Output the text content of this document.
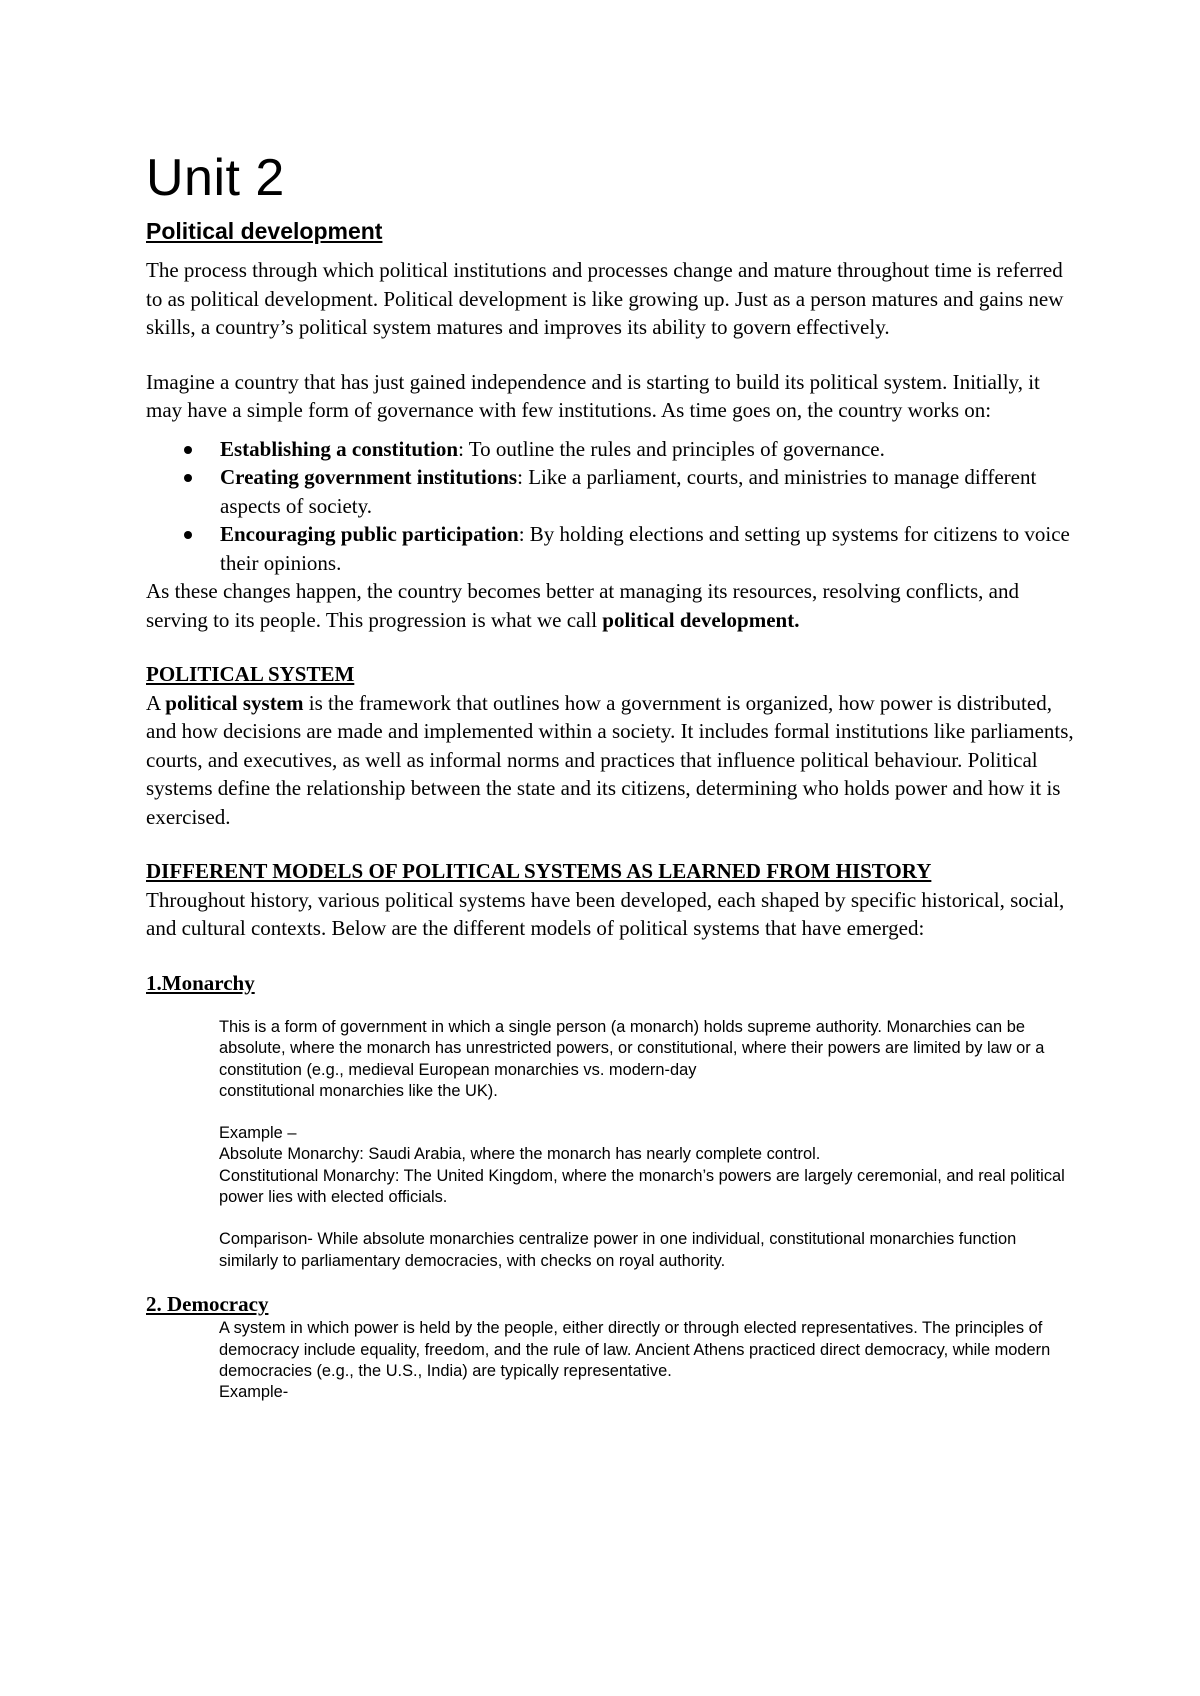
Unit 2
Political development

The process through which political institutions and processes change and mature throughout time is referred to as political development. Political development is like growing up. Just as a person matures and gains new skills, a country’s political system matures and improves its ability to govern effectively.

Imagine a country that has just gained independence and is starting to build its political system. Initially, it may have a simple form of governance with few institutions. As time goes on, the country works on:

Establishing a constitution: To outline the rules and principles of governance.
Creating government institutions: Like a parliament, courts, and ministries to manage different aspects of society.
Encouraging public participation: By holding elections and setting up systems for citizens to voice their opinions.

As these changes happen, the country becomes better at managing its resources, resolving conflicts, and serving to its people. This progression is what we call political development.

POLITICAL SYSTEM

A political system is the framework that outlines how a government is organized, how power is distributed, and how decisions are made and implemented within a society. It includes formal institutions like parliaments, courts, and executives, as well as informal norms and practices that influence political behaviour. Political systems define the relationship between the state and its citizens, determining who holds power and how it is exercised.

DIFFERENT MODELS OF POLITICAL SYSTEMS AS LEARNED FROM HISTORY

Throughout history, various political systems have been developed, each shaped by specific historical, social, and cultural contexts. Below are the different models of political systems that have emerged:

1.Monarchy

This is a form of government in which a single person (a monarch) holds supreme authority. Monarchies can be absolute, where the monarch has unrestricted powers, or constitutional, where their powers are limited by law or a constitution (e.g., medieval European monarchies vs. modern-day

constitutional monarchies like the UK).

Example –

Absolute Monarchy: Saudi Arabia, where the monarch has nearly complete control.

Constitutional Monarchy: The United Kingdom, where the monarch’s powers are largely ceremonial, and real political power lies with elected officials.

Comparison- While absolute monarchies centralize power in one individual, constitutional monarchies function similarly to parliamentary democracies, with checks on royal authority.

2. Democracy

A system in which power is held by the people, either directly or through elected representatives. The principles of democracy include equality, freedom, and the rule of law. Ancient Athens practiced direct democracy, while modern democracies (e.g., the U.S., India) are typically representative.

Example-
